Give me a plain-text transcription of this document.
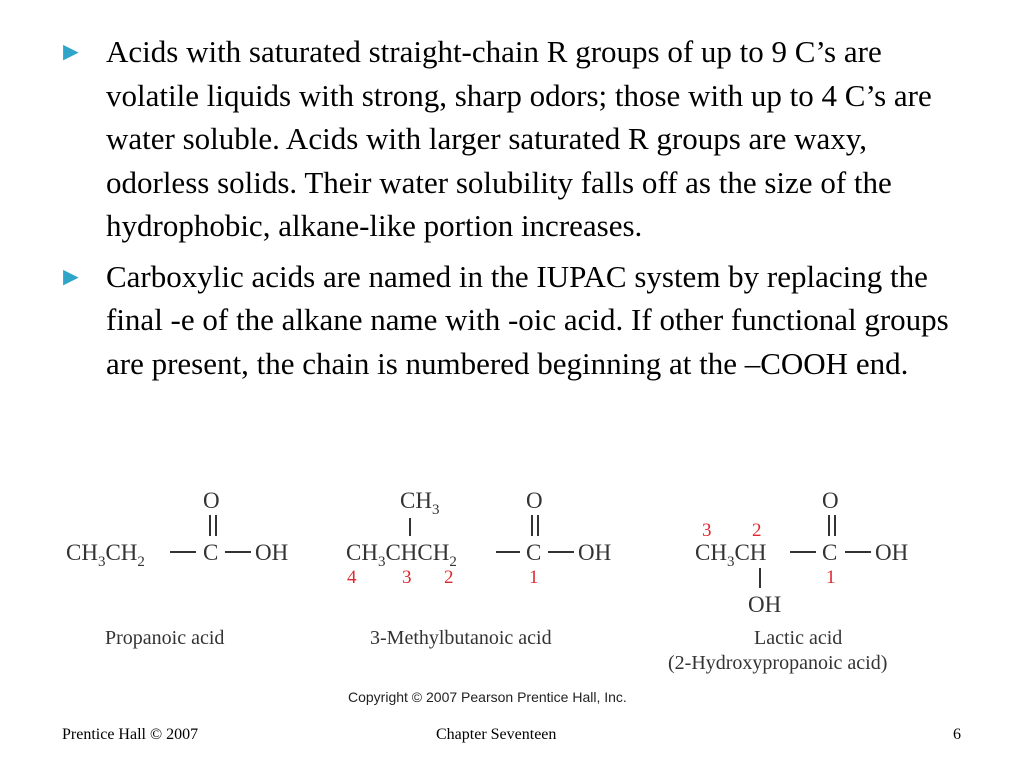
► Acids with saturated straight-chain R groups of up to 9 C’s are volatile liquids with strong, sharp odors; those with up to 4 C’s are water soluble. Acids with larger saturated R groups are waxy, odorless solids. Their water solubility falls off as the size of the hydrophobic, alkane-like portion increases.
► Carboxylic acids are named in the IUPAC system by replacing the final -e of the alkane name with -oic acid. If other functional groups are present, the chain is numbered beginning at the –COOH end.
$CH_3CH_2$	C
O
OH
Propanoic acid
$CH_3$
$CH_3CHCH_2$	C
O
OH
4 3 2	1
3-Methylbutanoic acid
3 2
1
$CH_3CH$ C
O
OH
OH
Lactic acid
(2-Hydroxypropanoic acid)
Copyright © 2007 Pearson Prentice Hall, Inc.
Prentice Hall © 2007	Chapter Seventeen	6
